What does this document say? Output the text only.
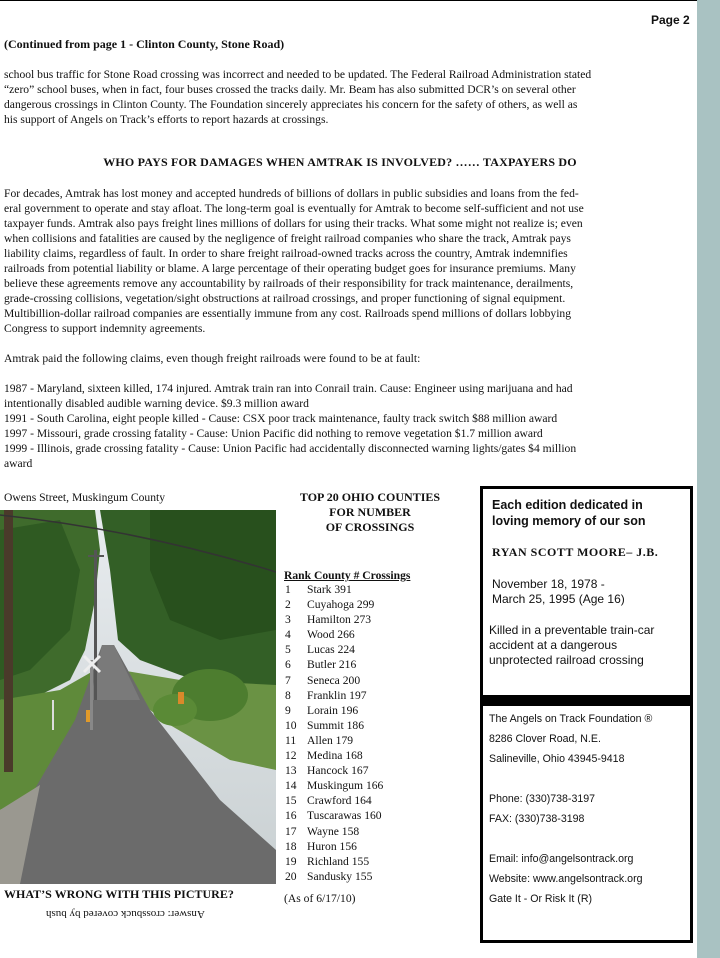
Page 2
(Continued from page 1 - Clinton County, Stone Road)
school bus traffic for Stone Road crossing was incorrect and needed to be updated. The Federal Railroad Administration stated
“zero” school buses, when in fact, four buses crossed the tracks daily. Mr. Beam has also submitted DCR’s on several other
dangerous crossings in Clinton County. The Foundation sincerely appreciates his concern for the safety of others, as well as
his support of Angels on Track’s efforts to report hazards at crossings.
WHO PAYS FOR DAMAGES WHEN AMTRAK IS INVOLVED? …… TAXPAYERS DO
For decades, Amtrak has lost money and accepted hundreds of billions of dollars in public subsidies and loans from the fed-
eral government to operate and stay afloat. The long-term goal is eventually for Amtrak to become self-sufficient and not use
taxpayer funds. Amtrak also pays freight lines millions of dollars for using their tracks. What some might not realize is; even
when collisions and fatalities are caused by the negligence of freight railroad companies who share the track, Amtrak pays
liability claims, regardless of fault. In order to share freight railroad-owned tracks across the country, Amtrak indemnifies
railroads from potential liability or blame. A large percentage of their operating budget goes for insurance premiums. Many
believe these agreements remove any accountability by railroads of their responsibility for track maintenance, derailments,
grade-crossing collisions, vegetation/sight obstructions at railroad crossings, and proper functioning of signal equipment.
Multibillion-dollar railroad companies are essentially immune from any cost. Railroads spend millions of dollars lobbying
Congress to support indemnity agreements.
Amtrak paid the following claims, even though freight railroads were found to be at fault:
1987 - Maryland, sixteen killed, 174 injured. Amtrak train ran into Conrail train. Cause: Engineer using marijuana and had
intentionally disabled audible warning device. $9.3 million award
1991 - South Carolina, eight people killed - Cause: CSX poor track maintenance, faulty track switch $88 million award
1997 - Missouri, grade crossing fatality - Cause: Union Pacific did nothing to remove vegetation $1.7 million award
1999 - Illinois, grade crossing fatality - Cause: Union Pacific had accidentally disconnected warning lights/gates $4 million
award
Owens Street, Muskingum County
WHAT’S WRONG WITH THIS PICTURE?
Answer: crossbuck covered by bush
TOP 20 OHIO COUNTIES
FOR NUMBER
OF CROSSINGS
Rank County # Crossings
1	Stark 391
2	Cuyahoga 299
3	Hamilton 273
4	Wood 266
5	Lucas 224
6	Butler 216
7	Seneca 200
8	Franklin 197
9	Lorain 196
10 Summit 186
11 Allen 179
12 Medina 168
13 Hancock 167
14 Muskingum 166
15 Crawford 164
16 Tuscarawas 160
17 Wayne 158
18 Huron 156
19 Richland 155
20 Sandusky 155
(As of 6/17/10)
Each edition dedicated in
loving memory of our son
RYAN SCOTT MOORE– J.B.
November 18, 1978 -
March 25, 1995 (Age 16)
Killed in a preventable train-car
accident at a dangerous
unprotected railroad crossing
The Angels on Track Foundation ®
8286 Clover Road, N.E.
Salineville, Ohio 43945-9418
Phone: (330)738-3197
FAX: (330)738-3198
Email: info@angelsontrack.org
Website: www.angelsontrack.org
Gate It - Or Risk It (R)
